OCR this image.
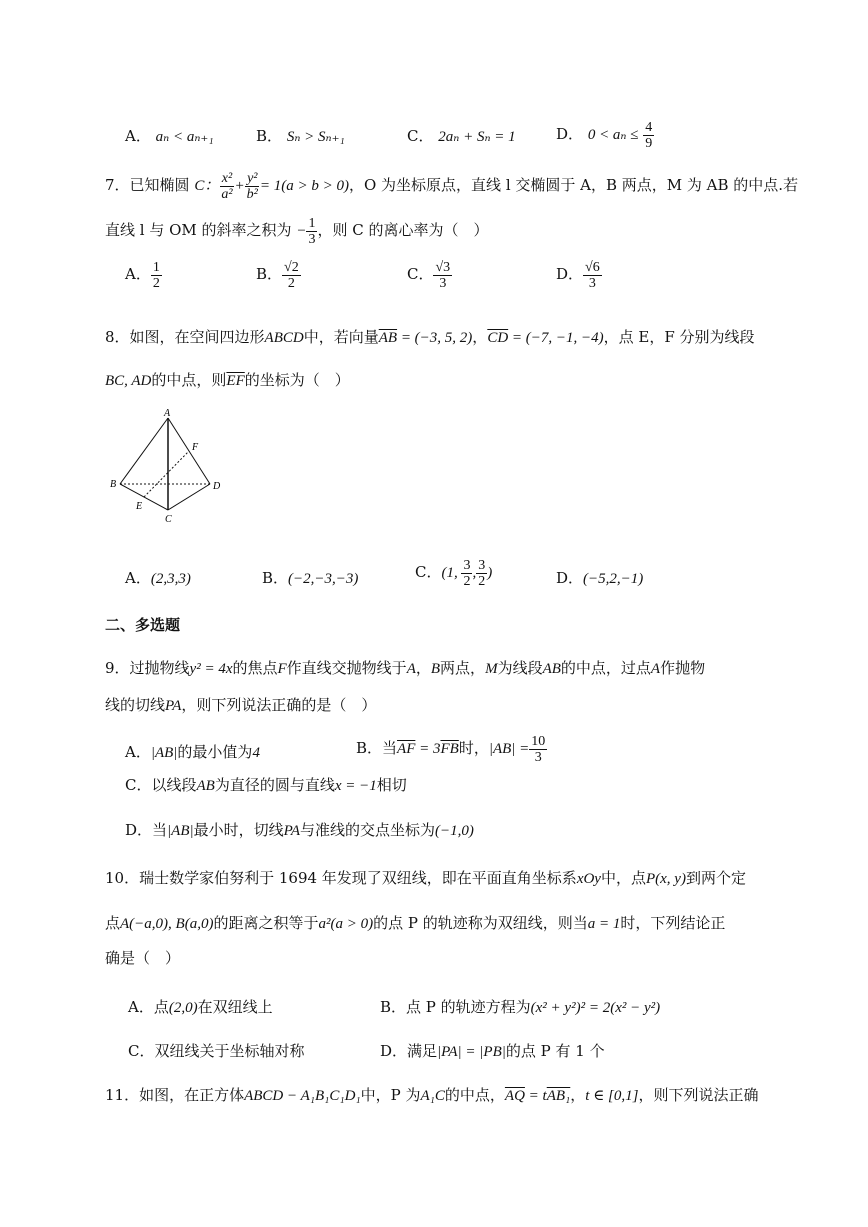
A． aₙ < aₙ₊₁	B． Sₙ > Sₙ₊₁	C． 2aₙ + Sₙ = 1	D． $0 < a_n \le \frac{4}{9}$
7．已知椭圆 C： $\frac{\text{x²}}{\text{a²}} + \frac{\text{y²}}{\text{b²}} = 1(a > b > 0)$，O 为坐标原点，直线 l 交椭圆于 A，B 两点，M 为 AB 的中点.若
直线 l 与 OM 的斜率之积为 − $\frac{1}{3}$ ，则 C 的离心率为（　）
A． $\frac{1}{2}$	B． $\frac{√2}{2}$	C． $\frac{√3}{3}$	D． $\frac{√6}{3}$
8．如图，在空间四边形ABCD中，若向量$\overline{AB} = (-3$, 5, 2)，$\overline{CD} = (-7$, −1, −4)，点 E，F 分别为线段
BC, AD的中点，则$\overline{EF}$的坐标为（　）
A
B
C
D
E
F
A．(2,3,3)	B．(−2,−3,−3)	C．(1, $\frac{3}{2}$ , $\frac{3}{2}$ )	D．(−5,2,−1)
二、多选题
9．过抛物线y² = 4x的焦点F作直线交抛物线于A，B两点，M为线段AB的中点，过点A作抛物
线的切线PA，则下列说法正确的是（　）
A．|AB|的最小值为4	B．当$\overline{AF} = 3\overline{FB}$时，$|AB| = \frac{10}{3}$
C．以线段AB为直径的圆与直线x = −1相切
D．当|AB|最小时，切线PA与准线的交点坐标为(−1,0)
10．瑞士数学家伯努利于 1694 年发现了双纽线，即在平面直角坐标系xOy中，点P(x, y)到两个定
点A(−a,0), B(a,0)的距离之积等于a²(a > 0)的点 P 的轨迹称为双纽线，则当a = 1时，下列结论正
确是（　）
A．点(2,0)在双纽线上	B．点 P 的轨迹方程为(x² + y²)² = 2(x² − y²)
C．双纽线关于坐标轴对称	D．满足|PA| = |PB|的点 P 有 1 个
11．如图，在正方体ABCD − A₁B₁C₁D₁中，P 为A₁C的中点，$\overline{AQ} = tAB_1$，t ∈ [0,1]，则下列说法正确
